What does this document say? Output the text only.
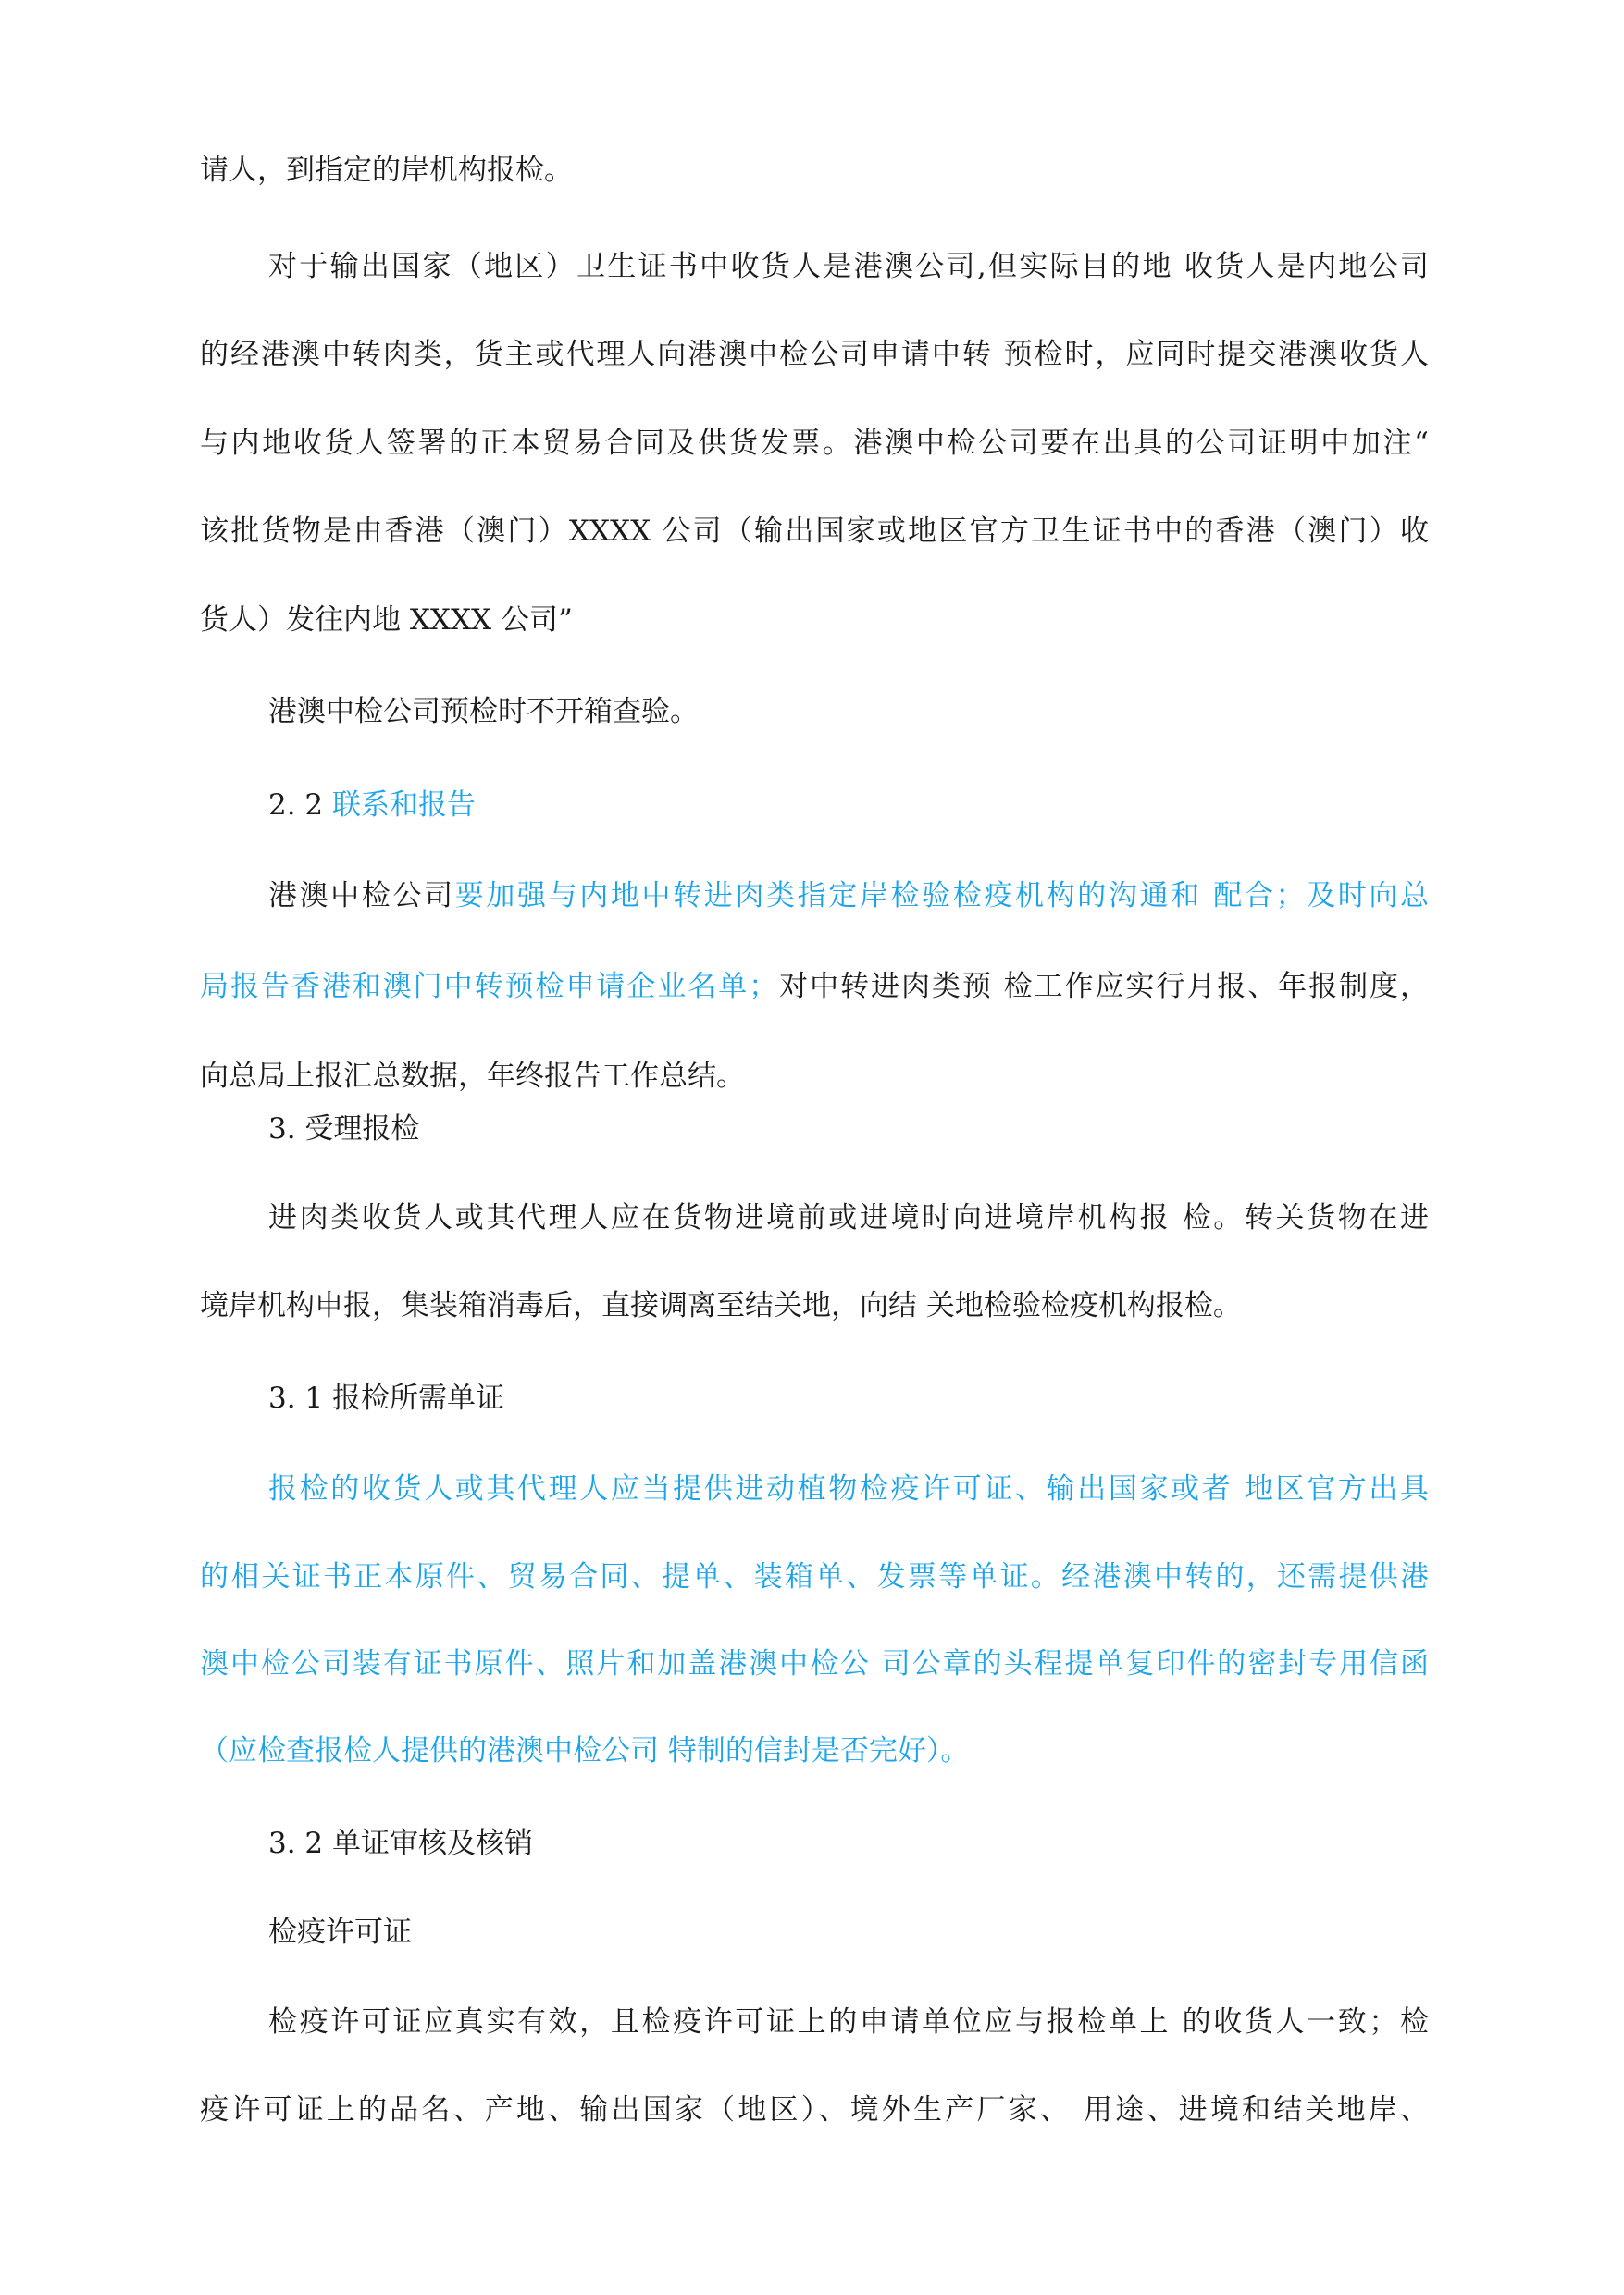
请人，到指定的岸机构报检。
对于输出国家（地区）卫生证书中收货人是港澳公司,但实际目的地 收货人是内地公司
的经港澳中转肉类，货主或代理人向港澳中检公司申请中转 预检时，应同时提交港澳收货人
与内地收货人签署的正本贸易合同及供货发票。港澳中检公司要在出具的公司证明中加注“
该批货物是由香港（澳门）XXXX 公司（输出国家或地区官方卫生证书中的香港（澳门）收
货人）发往内地 XXXX 公司”
港澳中检公司预检时不开箱查验。
2. 2 联系和报告
港澳中检公司要加强与内地中转进肉类指定岸检验检疫机构的沟通和 配合；及时向总
局报告香港和澳门中转预检申请企业名单；对中转进肉类预 检工作应实行月报、年报制度，
向总局上报汇总数据，年终报告工作总结。
3. 受理报检
进肉类收货人或其代理人应在货物进境前或进境时向进境岸机构报 检。转关货物在进
境岸机构申报，集装箱消毒后，直接调离至结关地，向结 关地检验检疫机构报检。
3. 1 报检所需单证
报检的收货人或其代理人应当提供进动植物检疫许可证、输出国家或者 地区官方出具
的相关证书正本原件、贸易合同、提单、装箱单、发票等单证。经港澳中转的，还需提供港
澳中检公司装有证书原件、照片和加盖港澳中检公 司公章的头程提单复印件的密封专用信函
（应检查报检人提供的港澳中检公司 特制的信封是否完好）。
3. 2 单证审核及核销
检疫许可证
检疫许可证应真实有效，且检疫许可证上的申请单位应与报检单上 的收货人一致；检
疫许可证上的品名、产地、输出国家（地区）、境外生产厂家、 用途、进境和结关地岸、
